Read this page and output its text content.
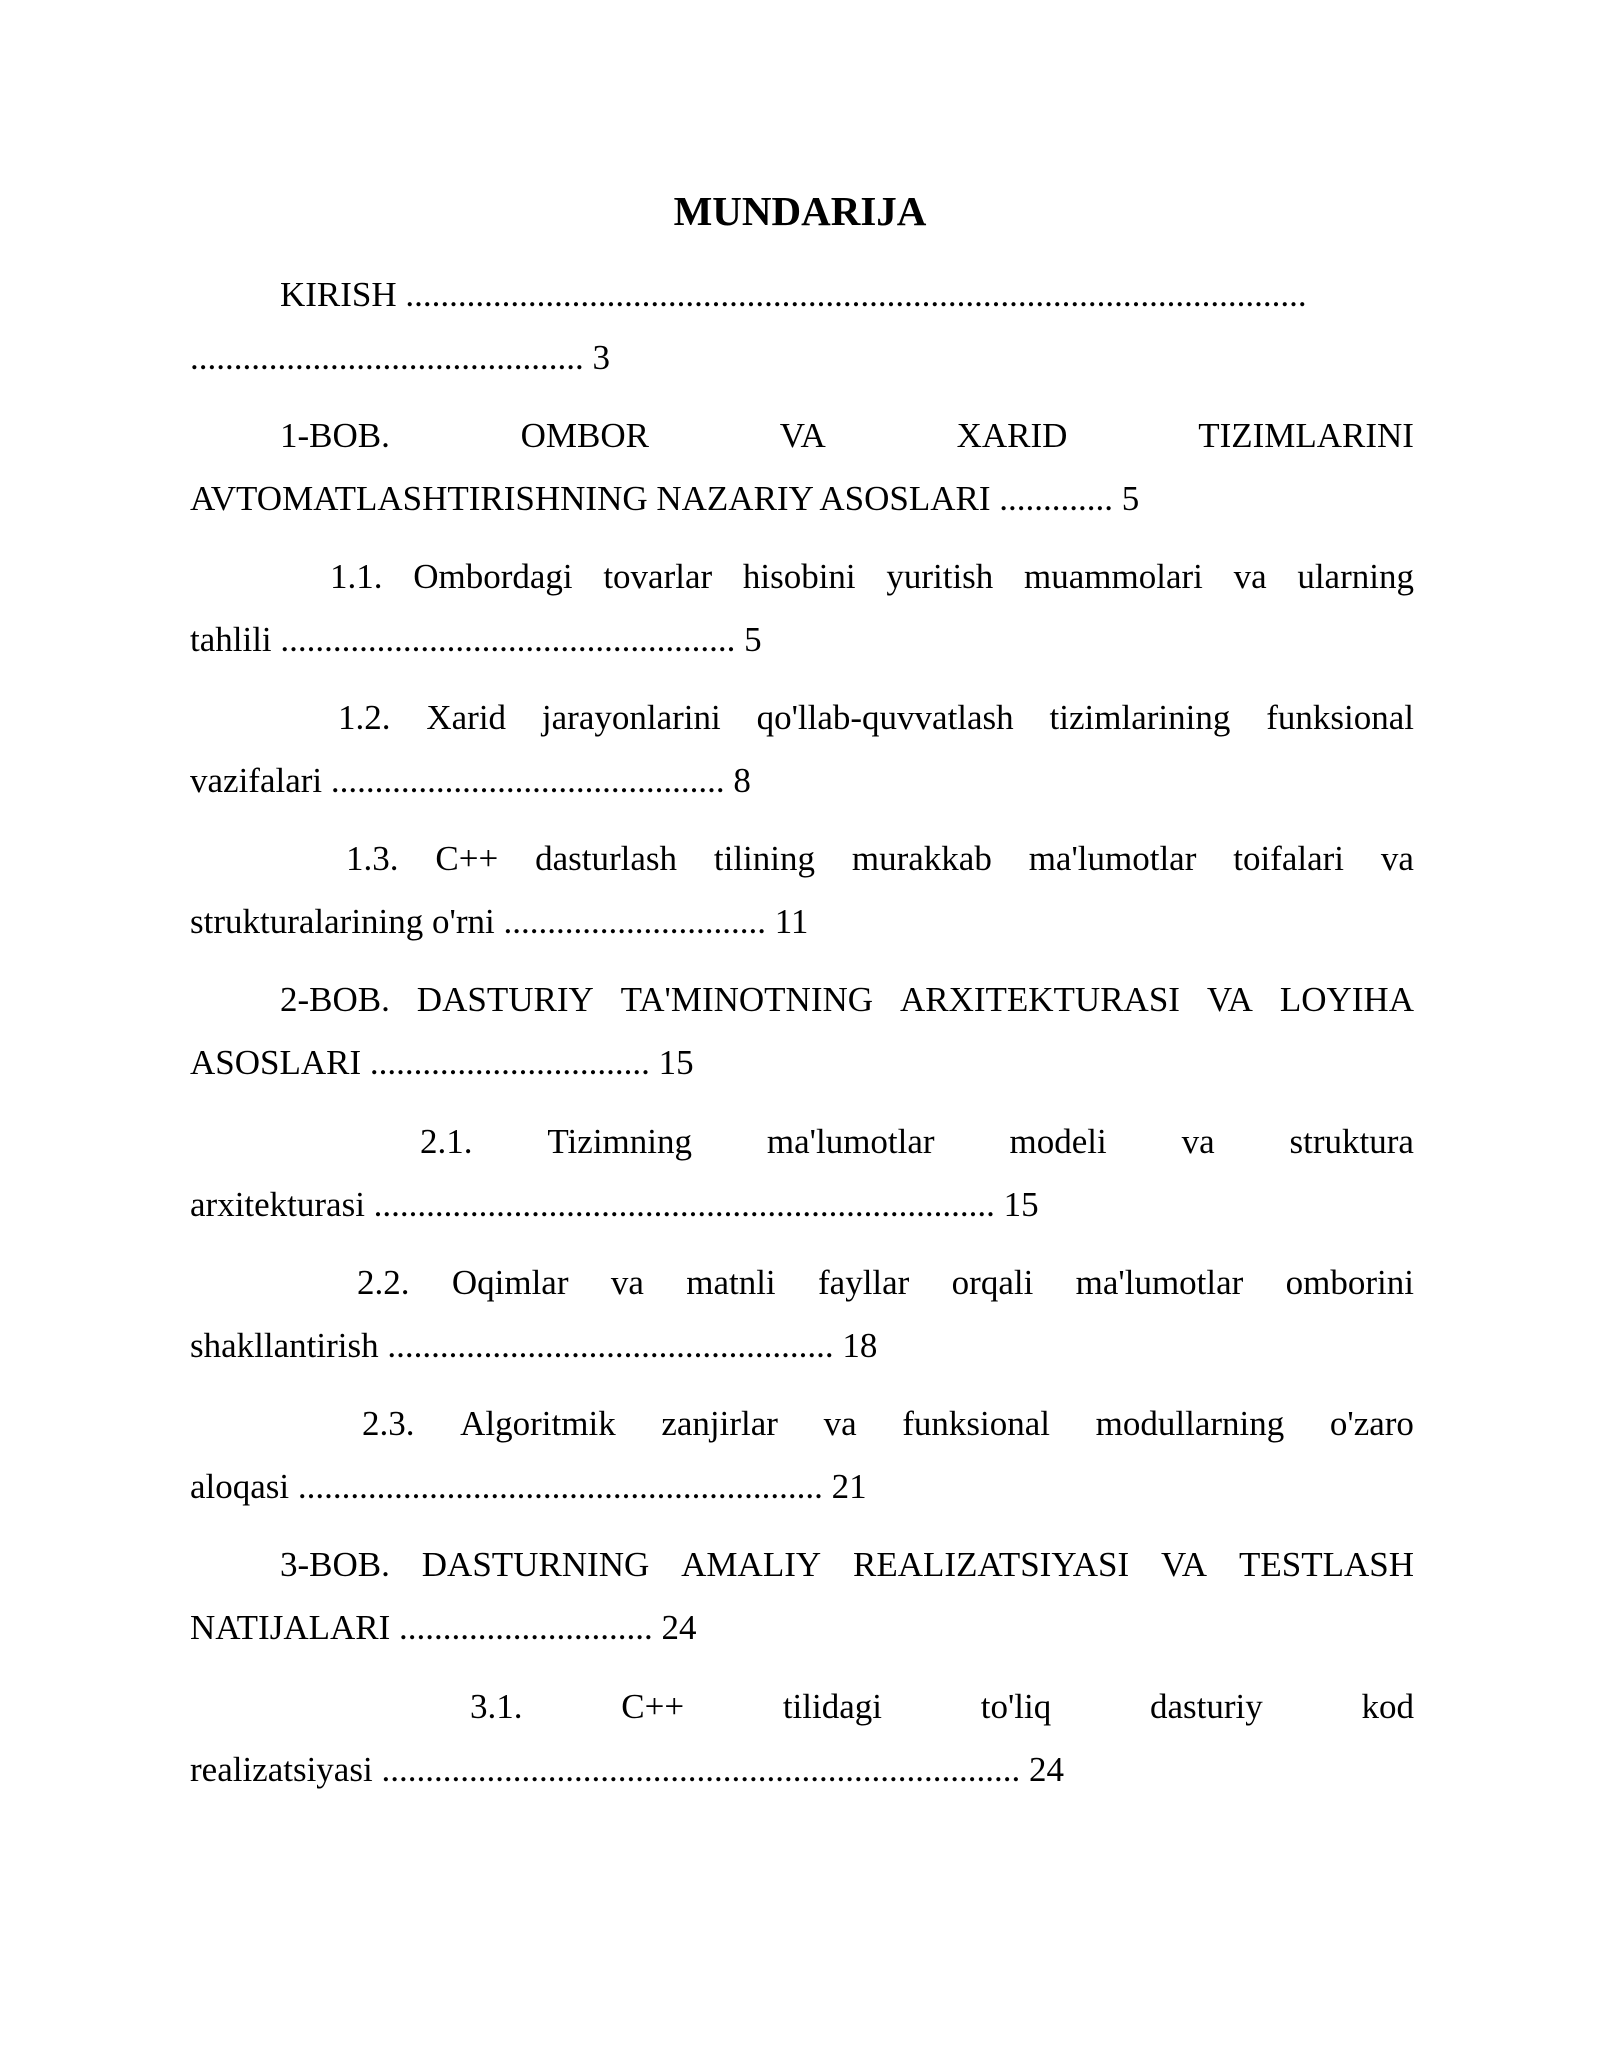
MUNDARIJA
KIRISH .......................................................................................................
............................................. 3
1-BOB.	OMBOR	VA	XARID	TIZIMLARINI
AVTOMATLASHTIRISHNING NAZARIY ASOSLARI ............. 5
1.1. Ombordagi tovarlar hisobini yuritish muammolari va ularning
tahlili .................................................... 5
1.2. Xarid jarayonlarini qo'llab-quvvatlash tizimlarining funksional
vazifalari ............................................. 8
1.3. C++ dasturlash tilining murakkab ma'lumotlar toifalari va
strukturalarining o'rni .............................. 11
2-BOB. DASTURIY TA'MINOTNING ARXITEKTURASI VA LOYIHA
ASOSLARI ................................ 15
2.1. Tizimning ma'lumotlar modeli va struktura
arxitekturasi ....................................................................... 15
2.2. Oqimlar va matnli fayllar orqali ma'lumotlar omborini
shakllantirish ................................................... 18
2.3. Algoritmik zanjirlar va funksional modullarning o'zaro
aloqasi ............................................................ 21
3-BOB. DASTURNING AMALIY REALIZATSIYASI VA TESTLASH
NATIJALARI ............................. 24
3.1.	C++	tilidagi	to'liq	dasturiy	kod
realizatsiyasi ......................................................................... 24
